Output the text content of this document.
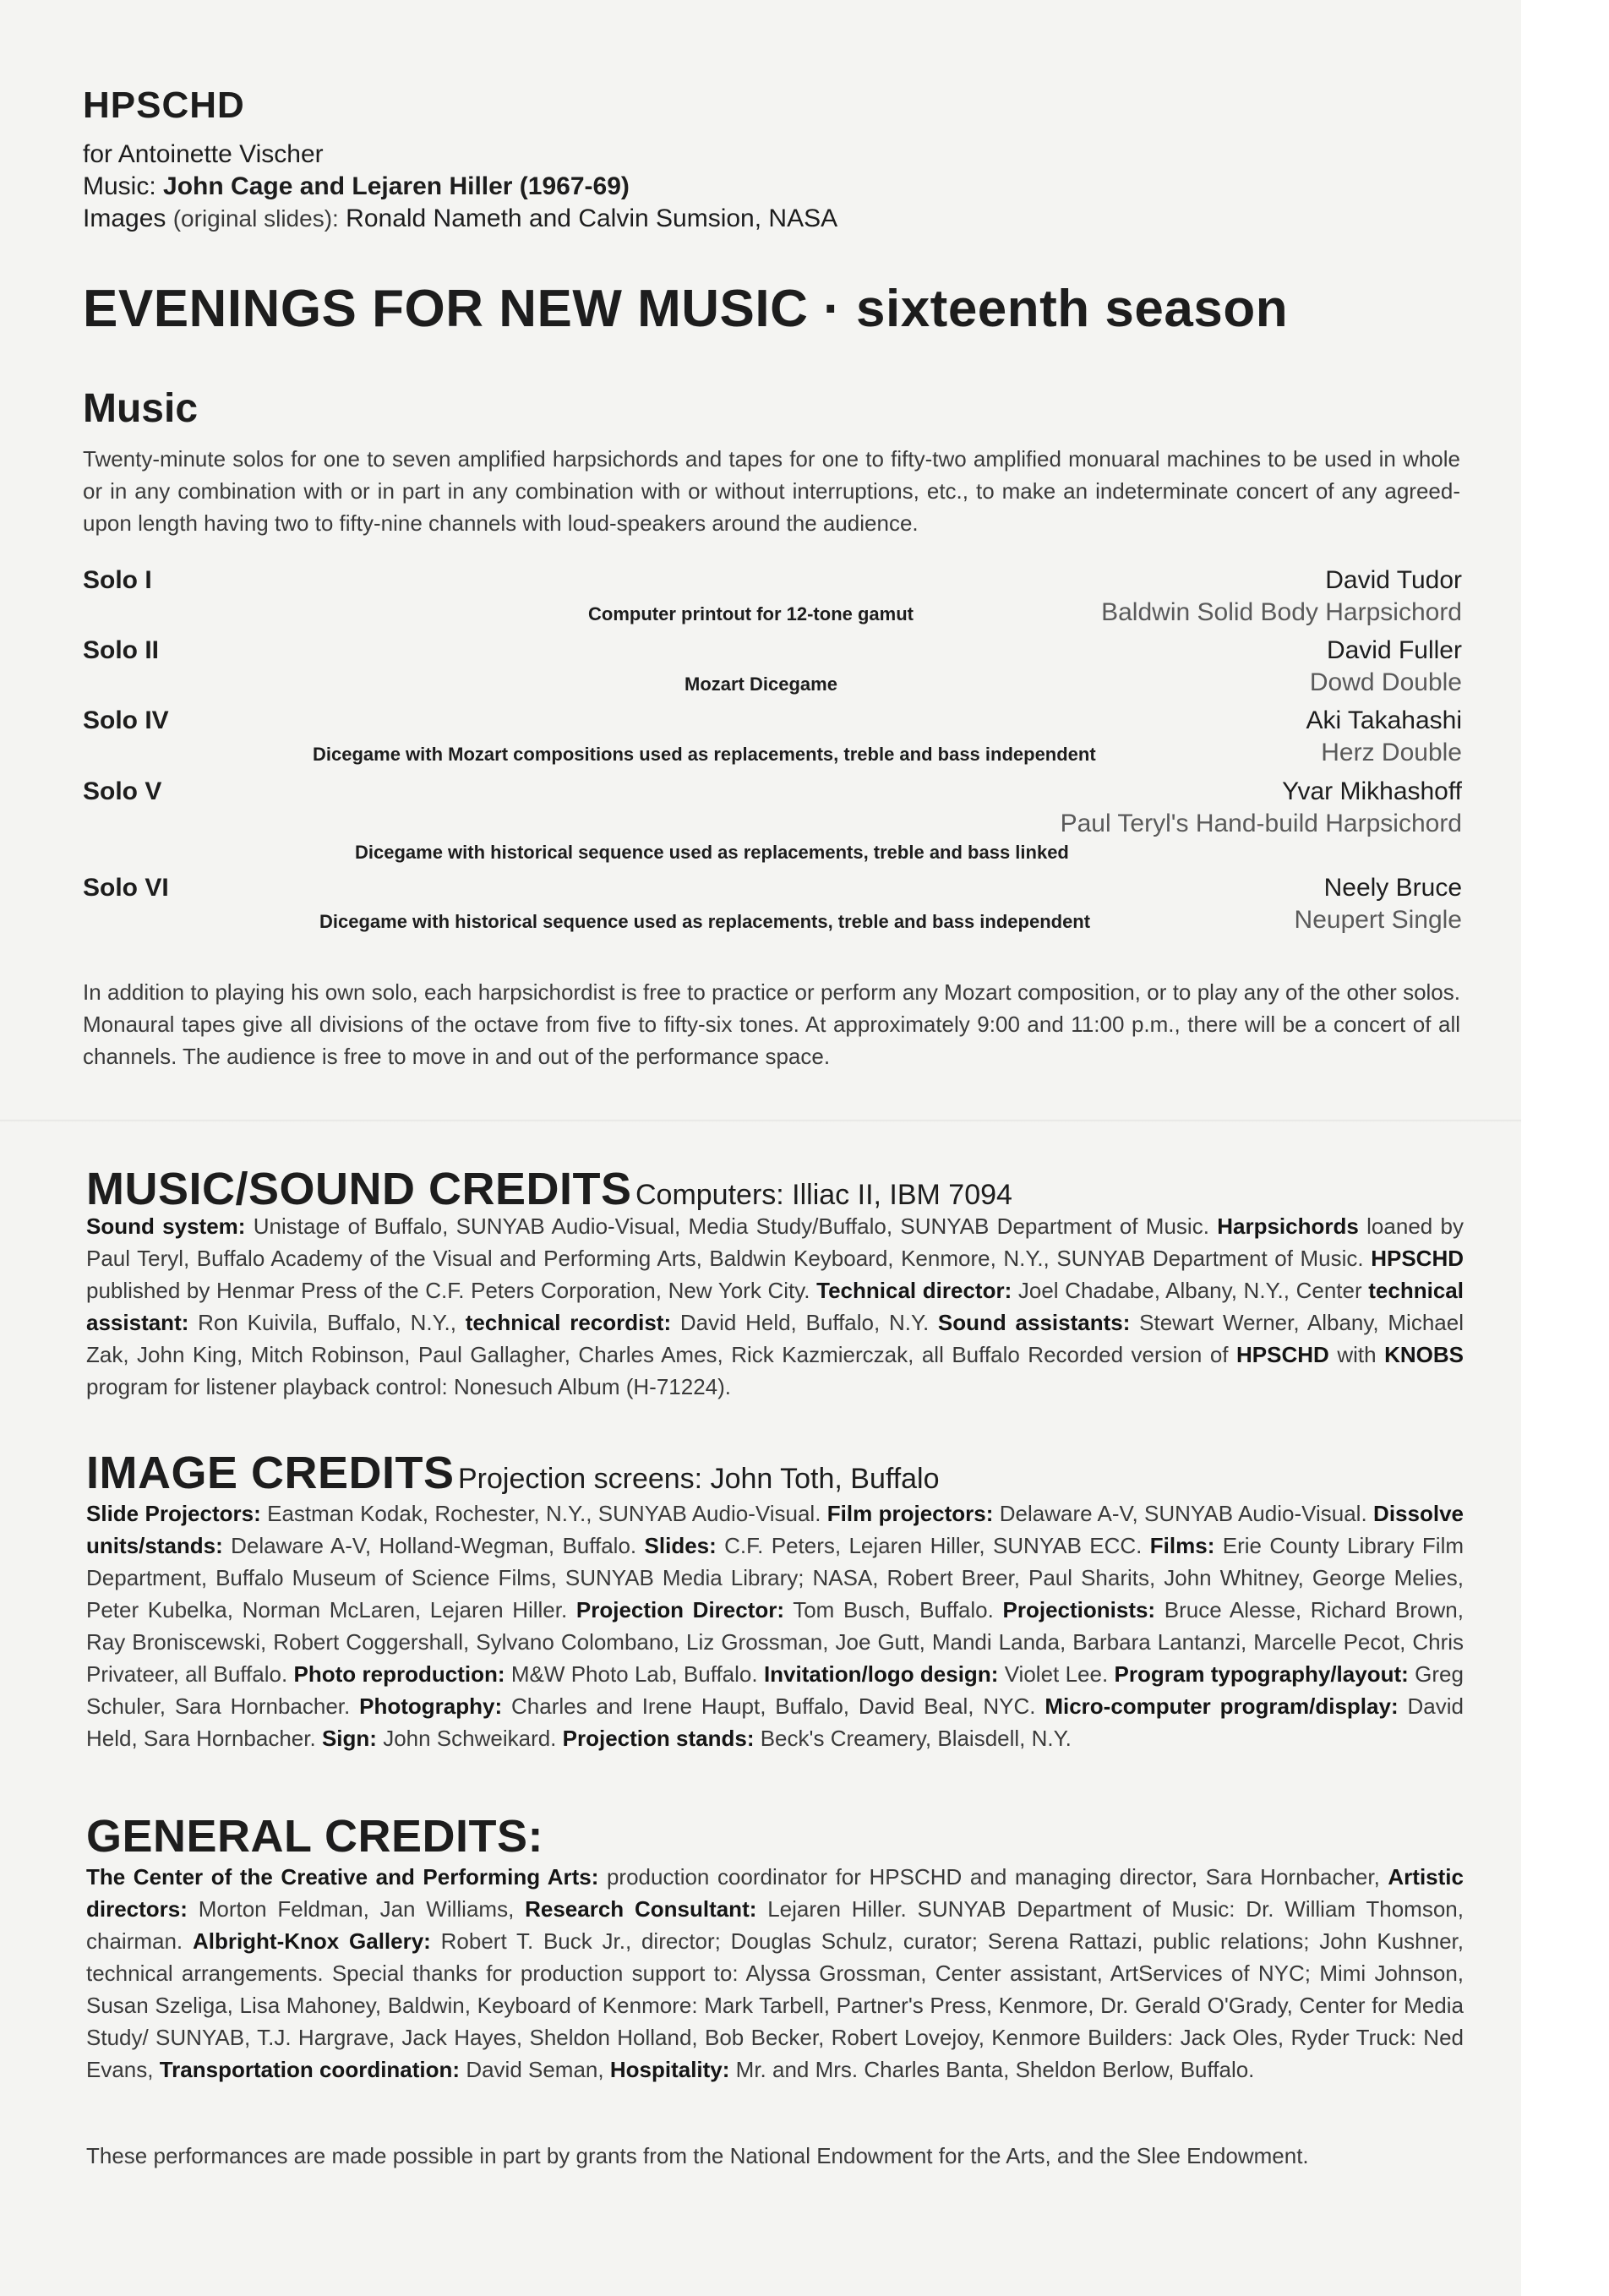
HPSCHD
for Antoinette Vischer
Music: John Cage and Lejaren Hiller (1967-69)
Images (original slides): Ronald Nameth and Calvin Sumsion, NASA
EVENINGS FOR NEW MUSIC · sixteenth season
Music
Twenty-minute solos for one to seven amplified harpsichords and tapes for one to fifty-two amplified monuaral machines to be used in whole or in any combination with or in part in any combination with or without interruptions, etc., to make an indeterminate concert of any agreed-upon length having two to fifty-nine channels with loud-speakers around the audience.
Solo I	David Tudor
Baldwin Solid Body Harpsichord
Computer printout for 12-tone gamut
Solo II	David Fuller
Dowd Double
Mozart Dicegame
Solo IV	Aki Takahashi
Herz Double
Dicegame with Mozart compositions used as replacements, treble and bass independent
Solo V	Yvar Mikhashoff
Paul Teryl's Hand-build Harpsichord
Dicegame with historical sequence used as replacements, treble and bass linked
Solo VI	Neely Bruce
Neupert Single
Dicegame with historical sequence used as replacements, treble and bass independent
In addition to playing his own solo, each harpsichordist is free to practice or perform any Mozart composition, or to play any of the other solos. Monaural tapes give all divisions of the octave from five to fifty-six tones. At approximately 9:00 and 11:00 p.m., there will be a concert of all channels. The audience is free to move in and out of the performance space.
MUSIC/SOUND CREDITS Computers: Illiac II, IBM 7094
Sound system: Unistage of Buffalo, SUNYAB Audio-Visual, Media Study/Buffalo, SUNYAB Department of Music. Harpsichords loaned by Paul Teryl, Buffalo Academy of the Visual and Performing Arts, Baldwin Keyboard, Kenmore, N.Y., SUNYAB Department of Music. HPSCHD published by Henmar Press of the C.F. Peters Corporation, New York City. Technical director: Joel Chadabe, Albany, N.Y., Center technical assistant: Ron Kuivila, Buffalo, N.Y., technical recordist: David Held, Buffalo, N.Y. Sound assistants: Stewart Werner, Albany, Michael Zak, John King, Mitch Robinson, Paul Gallagher, Charles Ames, Rick Kazmierczak, all Buffalo Recorded version of HPSCHD with KNOBS program for listener playback control: Nonesuch Album (H-71224).
IMAGE CREDITS Projection screens: John Toth, Buffalo
Slide Projectors: Eastman Kodak, Rochester, N.Y., SUNYAB Audio-Visual. Film projectors: Delaware A-V, SUNYAB Audio-Visual. Dissolve units/stands: Delaware A-V, Holland-Wegman, Buffalo. Slides: C.F. Peters, Lejaren Hiller, SUNYAB ECC. Films: Erie County Library Film Department, Buffalo Museum of Science Films, SUNYAB Media Library; NASA, Robert Breer, Paul Sharits, John Whitney, George Melies, Peter Kubelka, Norman McLaren, Lejaren Hiller. Projection Director: Tom Busch, Buffalo. Projectionists: Bruce Alesse, Richard Brown, Ray Broniscewski, Robert Coggershall, Sylvano Colombano, Liz Grossman, Joe Gutt, Mandi Landa, Barbara Lantanzi, Marcelle Pecot, Chris Privateer, all Buffalo. Photo reproduction: M&W Photo Lab, Buffalo. Invitation/logo design: Violet Lee. Program typography/layout: Greg Schuler, Sara Hornbacher. Photography: Charles and Irene Haupt, Buffalo, David Beal, NYC. Micro-computer program/display: David Held, Sara Hornbacher. Sign: John Schweikard. Projection stands: Beck's Creamery, Blaisdell, N.Y.
GENERAL CREDITS:
The Center of the Creative and Performing Arts: production coordinator for HPSCHD and managing director, Sara Hornbacher, Artistic directors: Morton Feldman, Jan Williams, Research Consultant: Lejaren Hiller. SUNYAB Department of Music: Dr. William Thomson, chairman. Albright-Knox Gallery: Robert T. Buck Jr., director; Douglas Schulz, curator; Serena Rattazi, public relations; John Kushner, technical arrangements. Special thanks for production support to: Alyssa Grossman, Center assistant, ArtServices of NYC; Mimi Johnson, Susan Szeliga, Lisa Mahoney, Baldwin, Keyboard of Kenmore: Mark Tarbell, Partner's Press, Kenmore, Dr. Gerald O'Grady, Center for Media Study/ SUNYAB, T.J. Hargrave, Jack Hayes, Sheldon Holland, Bob Becker, Robert Lovejoy, Kenmore Builders: Jack Oles, Ryder Truck: Ned Evans, Transportation coordination: David Seman, Hospitality: Mr. and Mrs. Charles Banta, Sheldon Berlow, Buffalo.
These performances are made possible in part by grants from the National Endowment for the Arts, and the Slee Endowment.
